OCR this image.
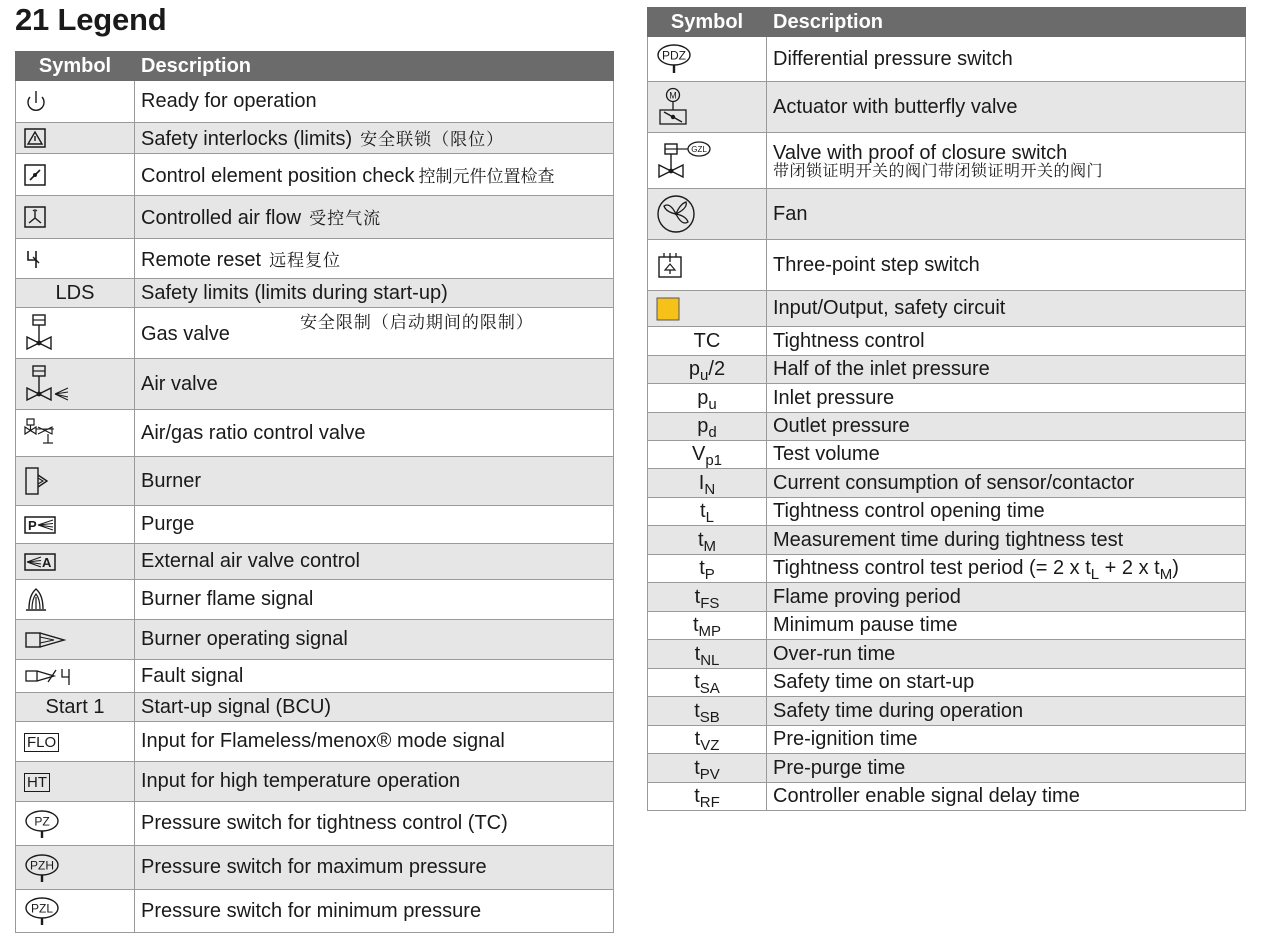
21 Legend
Symbol	Description

	Ready for operation

	Safety interlocks (limits) 安全联锁（限位）

	Control element position check 控制元件位置检查

	Controlled air flow 受控气流

	Remote reset 远程复位
LDS	Safety limits (limits during start-up)

	Gas valve $^{安全限制(启动期间的限制)}$

	Air valve

	Air/gas ratio control valve

	Burner

P	Purge

A	External air valve control

	Burner flame signal

	Burner operating signal

	Fault signal
Start 1	Start-up signal (BCU)
FLO	Input for Flameless/menox® mode signal
HT	Input for high temperature operation

PZ	Pressure switch for tightness control (TC)

PZH	Pressure switch for maximum pressure

PZL	Pressure switch for minimum pressure
Symbol	Description

PDZ	Differential pressure switch

M	Actuator with butterfly valve

GZL	Valve with proof of closure switch
带闭锁证明开关的阀门带闭锁证明开关的阀门

	Fan

	Three-point step switch

	Input/Output, safety circuit
TC	Tightness control
$p_u/2$	Half of the inlet pressure
$p_u$	Inlet pressure
$p_d$	Outlet pressure
$V_{p1}$	Test volume
$I_N$	Current consumption of sensor/contactor
$t_L$	Tightness control opening time
$t_M$	Measurement time during tightness test
$t_P$	Tightness control test period (= 2 x $t_L + 2$ x $t_M$)
$t_{FS}$	Flame proving period
$t_{MP}$	Minimum pause time
$t_{NL}$	Over-run time
$t_{SA}$	Safety time on start-up
$t_{SB}$	Safety time during operation
$t_{VZ}$	Pre-ignition time
$t_{PV}$	Pre-purge time
$t_{RF}$	Controller enable signal delay time
